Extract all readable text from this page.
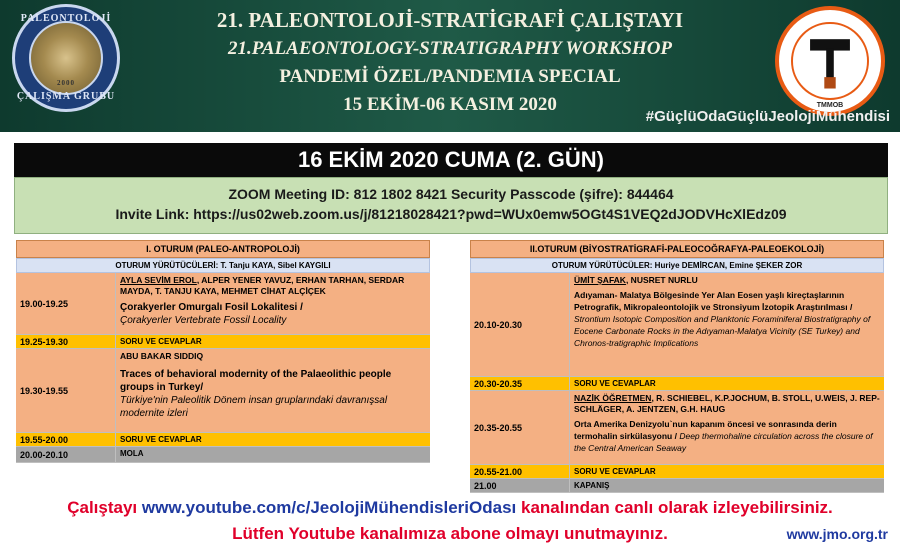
PALEONTOLOJİ
ÇALIŞMA GRUBU
2000
21. PALEONTOLOJİ-STRATİGRAFİ ÇALIŞTAYI
21.PALAEONTOLOGY-STRATIGRAPHY WORKSHOP
PANDEMİ ÖZEL/PANDEMIA SPECIAL
15 EKİM-06 KASIM 2020	TMMOB
#GüçlüOdaGüçlüJeolojiMühendisi
16 EKİM 2020 CUMA (2. GÜN)
ZOOM Meeting ID: 812 1802 8421 Security Passcode (şifre): 844464
Invite Link: https://us02web.zoom.us/j/81218028421?pwd=WUx0emw5OGt4S1VEQ2dJODVHcXlEdz09
I. OTURUM (PALEO-ANTROPOLOJİ)
OTURUM YÜRÜTÜCÜLERİ: T. Tanju KAYA, Sibel KAYGILI
19.00-19.25
AYLA SEVİM EROL, ALPER YENER YAVUZ, ERHAN TARHAN, SERDAR MAYDA, T. TANJU KAYA, MEHMET CİHAT ALÇİÇEK
Çorakyerler Omurgalı Fosil Lokalitesi /
Çorakyerler Vertebrate Fossil Locality
19.25-19.30	SORU VE CEVAPLAR
19.30-19.55
ABU BAKAR SIDDIQ
Traces of behavioral modernity of the Palaeolithic people groups in Turkey/
Türkiye'nin Paleolitik Dönem insan gruplarındaki davranışsal modernite izleri
19.55-20.00	SORU VE CEVAPLAR
20.00-20.10	MOLA
II.OTURUM (BİYOSTRATİGRAFİ-PALEOCOĞRAFYA-PALEOEKOLOJİ)
OTURUM YÜRÜTÜCÜLER: Huriye DEMİRCAN, Emine ŞEKER ZOR
20.10-20.30
ÜMİT ŞAFAK, NUSRET NURLU
Adıyaman- Malatya Bölgesinde Yer Alan Eosen yaşlı kireçtaşlarının Petrografik, Mikropaleontolojik ve Stronsiyum İzotopik Araştırılması / Strontium Isotopic Composition and Planktonic Foraminiferal Biostratigraphy of Eocene Carbonate Rocks in the Adıyaman-Malatya Vicinity (SE Turkey) and Chronos-tratigraphic Implications
20.30-20.35	SORU VE CEVAPLAR
20.35-20.55
NAZİK ÖĞRETMEN, R. SCHIEBEL, K.P.JOCHUM, B. STOLL, U.WEIS, J. REP-SCHLÄGER, A. JENTZEN, G.H. HAUG
Orta Amerika Denizyolu`nun kapanım öncesi ve sonrasında derin termohalin sirkülasyonu / Deep thermohaline circulation across the closure of the Central American Seaway
20.55-21.00	SORU VE CEVAPLAR
21.00	KAPANIŞ
Çalıştayı www.youtube.com/c/JeolojiMühendisleriOdası kanalından canlı olarak izleyebilirsiniz.
Lütfen Youtube kanalımıza abone olmayı unutmayınız.	www.jmo.org.tr
